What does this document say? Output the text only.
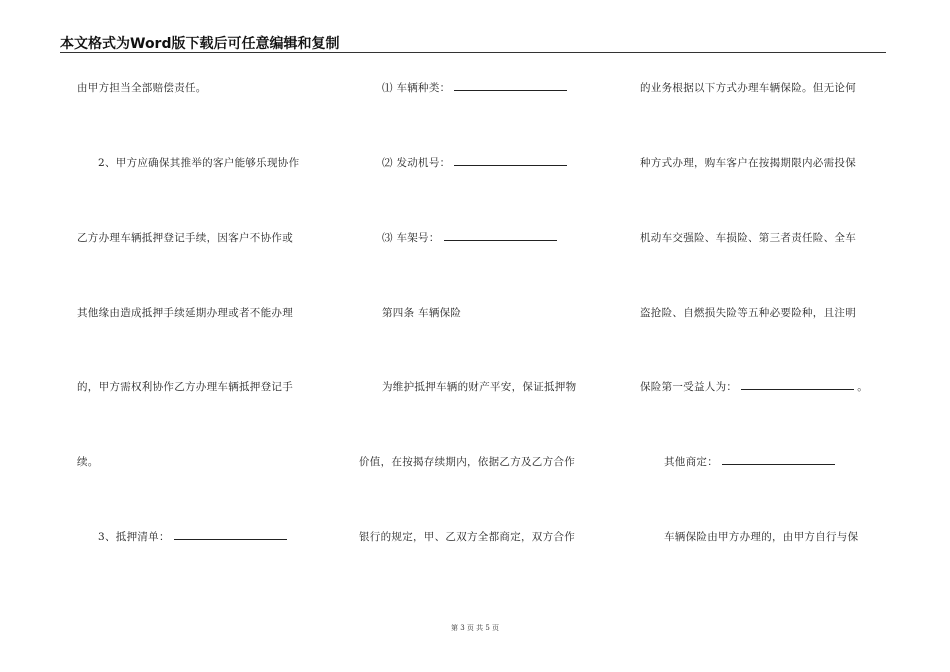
本文格式为Word版下载后可任意编辑和复制
由甲方担当全部赔偿责任。
2、甲方应确保其推举的客户能够乐现协作
乙方办理车辆抵押登记手续，因客户不协作或
其他缘由造成抵押手续延期办理或者不能办理
的，甲方需权利协作乙方办理车辆抵押登记手
续。
3、抵押清单：
⑴ 车辆种类：
⑵ 发动机号：
⑶ 车架号：
第四条 车辆保险
为维护抵押车辆的财产平安，保证抵押物
价值，在按揭存续期内，依据乙方及乙方合作
银行的规定，甲、乙双方全都商定，双方合作
的业务根据以下方式办理车辆保险。但无论何
种方式办理，购车客户在按揭期限内必需投保
机动车交强险、车损险、第三者责任险、全车
盗抢险、自燃损失险等五种必要险种，且注明
保险第一受益人为：	。
其他商定：
车辆保险由甲方办理的，由甲方自行与保
第 3 页 共 5 页
